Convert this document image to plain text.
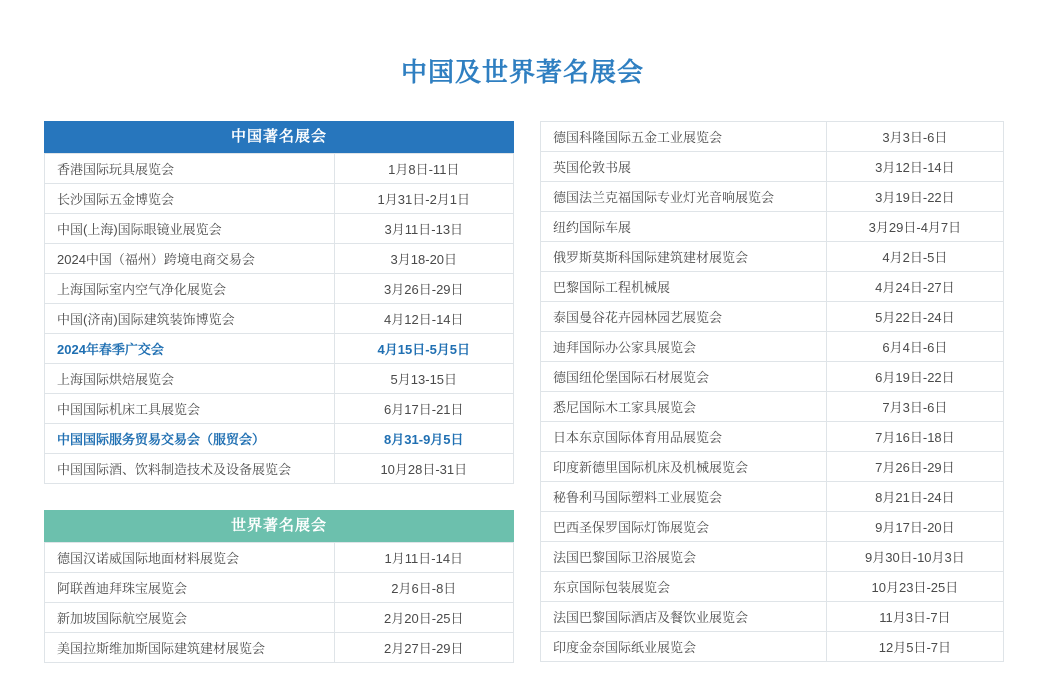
中国及世界著名展会
中国著名展会
香港国际玩具展览会	1月8日-11日
长沙国际五金博览会	1月31日-2月1日
中国(上海)国际眼镜业展览会	3月11日-13日
2024中国（福州）跨境电商交易会	3月18-20日
上海国际室内空气净化展览会	3月26日-29日
中国(济南)国际建筑装饰博览会	4月12日-14日
2024年春季广交会	4月15日-5月5日
上海国际烘焙展览会	5月13-15日
中国国际机床工具展览会	6月17日-21日
中国国际服务贸易交易会（服贸会）	8月31-9月5日
中国国际酒、饮料制造技术及设备展览会	10月28日-31日
世界著名展会
德国汉诺威国际地面材料展览会	1月11日-14日
阿联酋迪拜珠宝展览会	2月6日-8日
新加坡国际航空展览会	2月20日-25日
美国拉斯维加斯国际建筑建材展览会	2月27日-29日
德国科隆国际五金工业展览会	3月3日-6日
英国伦敦书展	3月12日-14日
德国法兰克福国际专业灯光音响展览会	3月19日-22日
纽约国际车展	3月29日-4月7日
俄罗斯莫斯科国际建筑建材展览会	4月2日-5日
巴黎国际工程机械展	4月24日-27日
泰国曼谷花卉园林园艺展览会	5月22日-24日
迪拜国际办公家具展览会	6月4日-6日
德国纽伦堡国际石材展览会	6月19日-22日
悉尼国际木工家具展览会	7月3日-6日
日本东京国际体育用品展览会	7月16日-18日
印度新德里国际机床及机械展览会	7月26日-29日
秘鲁利马国际塑料工业展览会	8月21日-24日
巴西圣保罗国际灯饰展览会	9月17日-20日
法国巴黎国际卫浴展览会	9月30日-10月3日
东京国际包装展览会	10月23日-25日
法国巴黎国际酒店及餐饮业展览会	11月3日-7日
印度金奈国际纸业展览会	12月5日-7日
